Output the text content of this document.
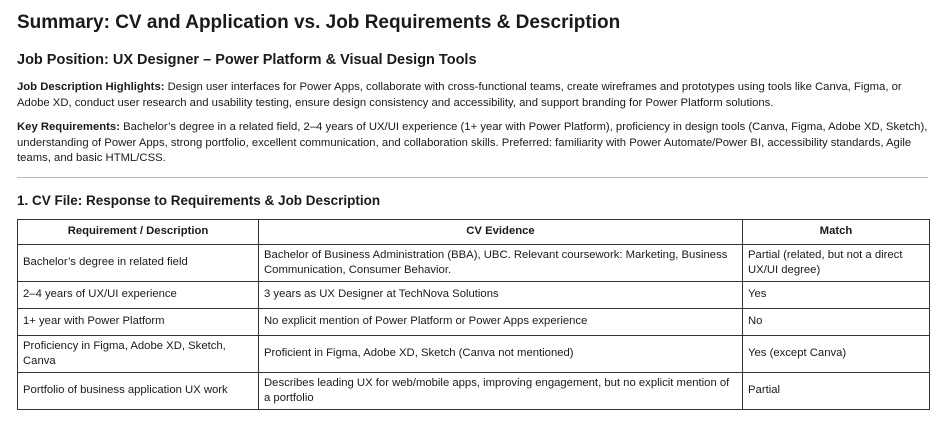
Summary: CV and Application vs. Job Requirements & Description
Job Position: UX Designer – Power Platform & Visual Design Tools

Job Description Highlights: Design user interfaces for Power Apps, collaborate with cross-functional teams, create wireframes and prototypes using tools like Canva, Figma, or Adobe XD, conduct user research and usability testing, ensure design consistency and accessibility, and support branding for Power Platform solutions.

Key Requirements: Bachelor’s degree in a related field, 2–4 years of UX/UI experience (1+ year with Power Platform), proficiency in design tools (Canva, Figma, Adobe XD, Sketch), understanding of Power Apps, strong portfolio, excellent communication, and collaboration skills. Preferred: familiarity with Power Automate/Power BI, accessibility standards, Agile teams, and basic HTML/CSS.

1. CV File: Response to Requirements & Job Description
Requirement / Description	CV Evidence	Match
Bachelor’s degree in related field	Bachelor of Business Administration (BBA), UBC. Relevant coursework: Marketing, Business Communication, Consumer Behavior.	Partial (related, but not a direct UX/UI degree)
2–4 years of UX/UI experience	3 years as UX Designer at TechNova Solutions	Yes
1+ year with Power Platform	No explicit mention of Power Platform or Power Apps experience	No
Proficiency in Figma, Adobe XD, Sketch, Canva	Proficient in Figma, Adobe XD, Sketch (Canva not mentioned)	Yes (except Canva)
Portfolio of business application UX work	Describes leading UX for web/mobile apps, improving engagement, but no explicit mention of a portfolio	Partial
